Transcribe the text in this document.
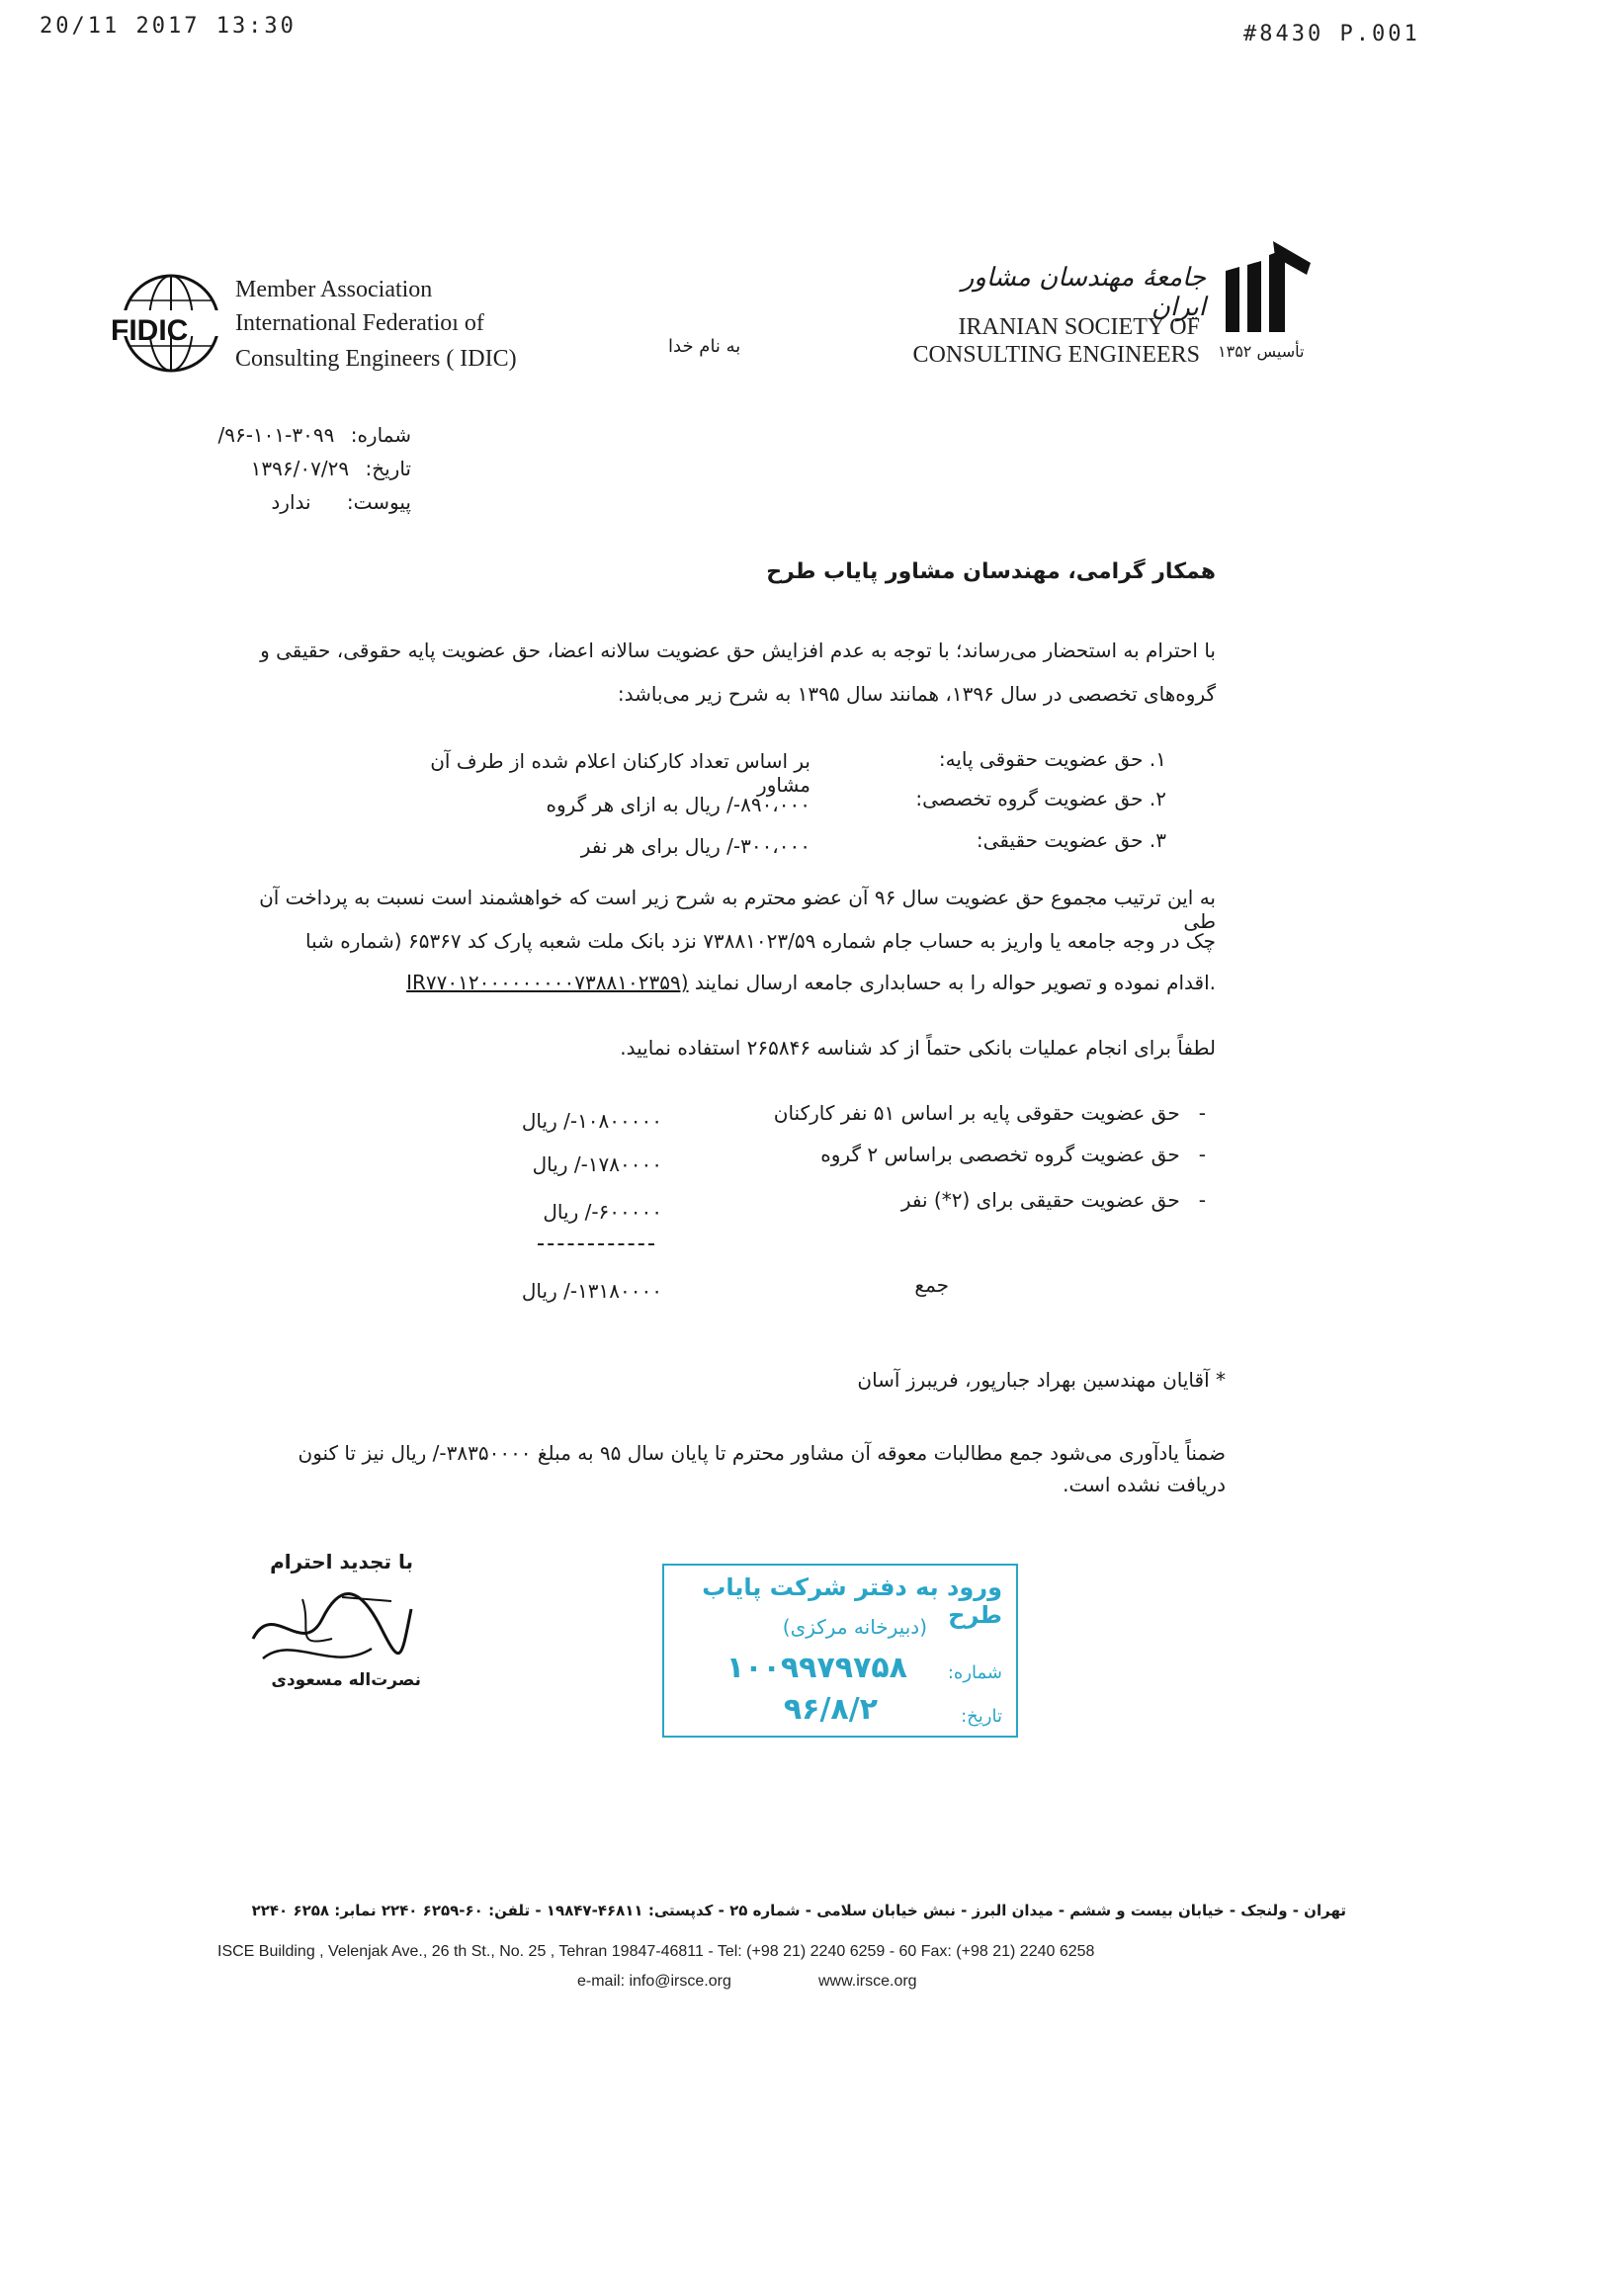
20/11 2017 13:30	#8430 P.001
FIDIC
Member Association
International Federatioı of
Consulting Engineers ( IDIC)	به نام خدا
جامعهٔ مهندسان مشاور ایران
IRANIAN SOCIETY OF
CONSULTING ENGINEERS تأسیس ۱۳۵۲
شماره: ۳۰۹۹-۱۰۱-۹۶/
تاریخ: ۱۳۹۶/۰۷/۲۹
پیوست: ندارد
همکار گرامی، مهندسان مشاور پایاب طرح
با احترام به استحضار می‌رساند؛ با توجه به عدم افزایش حق عضویت سالانه اعضا، حق عضویت پایه حقوقی، حقیقی و
گروه‌های تخصصی در سال ۱۳۹۶، همانند سال ۱۳۹۵ به شرح زیر می‌باشد:
۱. حق عضویت حقوقی پایه:
بر اساس تعداد کارکنان اعلام شده از طرف آن مشاور
۲. حق عضویت گروه تخصصی:
۸۹۰،۰۰۰-/ ریال به ازای هر گروه
۳. حق عضویت حقیقی:
۳۰۰،۰۰۰-/ ریال برای هر نفر
به این ترتیب مجموع حق عضویت سال ۹۶ آن عضو محترم به شرح زیر است که خواهشمند است نسبت به پرداخت آن طی
چک در وجه جامعه یا واریز به حساب جام شماره ۷۳۸۸۱۰۲۳/۵۹ نزد بانک ملت شعبه پارک کد ۶۵۳۶۷ (شماره شبا
IR۷۷۰۱۲۰۰۰۰۰۰۰۰۰۷۳۸۸۱۰۲۳۵۹) اقدام نموده و تصویر حواله را به حسابداری جامعه ارسال نمایند.
لطفاً برای انجام عملیات بانکی حتماً از کد شناسه ۲۶۵۸۴۶ استفاده نمایید.
-   حق عضویت حقوقی پایه بر اساس ۵۱ نفر کارکنان
۱۰۸۰۰۰۰۰-/ ریال
-   حق عضویت گروه تخصصی براساس ۲ گروه
۱۷۸۰۰۰۰-/ ریال
-   حق عضویت حقیقی برای (۲*) نفر
۶۰۰۰۰۰-/ ریال
جمع
۱۳۱۸۰۰۰۰-/ ریال
* آقایان مهندسین بهراد جبارپور، فریبرز آسان
ضمناً یادآوری می‌شود جمع مطالبات معوقه آن مشاور محترم تا پایان سال ۹۵ به مبلغ ۳۸۳۵۰۰۰۰-/ ریال نیز تا کنون
دریافت نشده است.
با تجدید احترام
نصرت‌اله مسعودی
ورود به دفتر شرکت پایاب طرح
(دبیرخانه مرکزی)
شماره:
۱۰۰۹۹۷۹۷۵۸
تاریخ:
۹۶/۸/۲
تهران - ولنجک - خیابان بیست و ششم - میدان البرز - نبش خیابان سلامی - شماره ۲۵ - کدپستی: ۴۶۸۱۱-۱۹۸۴۷ - تلفن: ۶۰-۶۲۵۹ ۲۲۴۰ نمابر: ۶۲۵۸ ۲۲۴۰
ISCE Building , Velenjak Ave., 26 th St., No. 25 , Tehran 19847-46811 - Tel: (+98 21) 2240 6259 - 60 Fax: (+98 21) 2240 6258
e-mail: info@irsce.org	www.irsce.org
